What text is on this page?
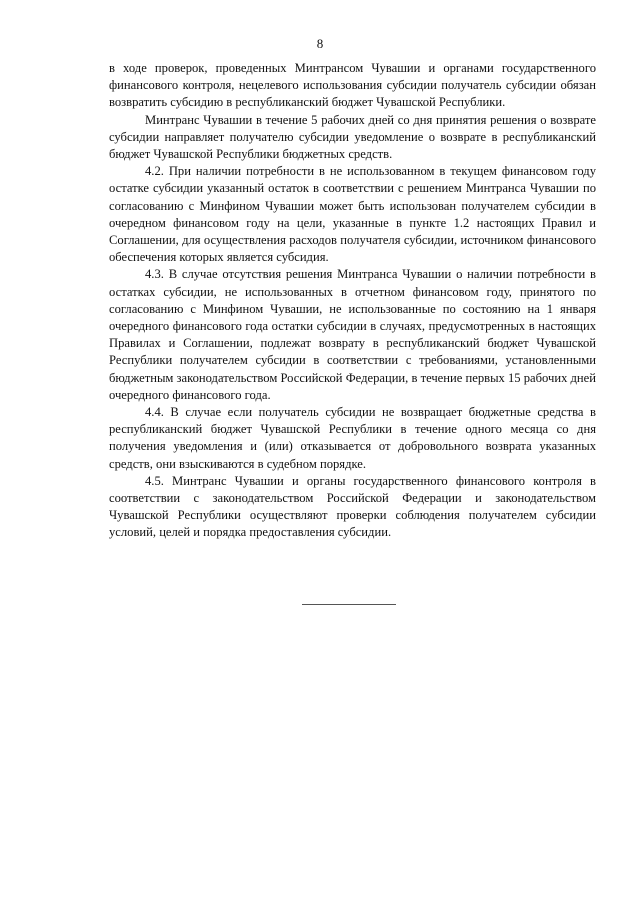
8

в ходе проверок, проведенных Минтрансом Чувашии и органами государственного финансового контроля, нецелевого использования субсидии получатель субсидии обязан возвратить субсидию в республиканский бюджет Чувашской Республики.

Минтранс Чувашии в течение 5 рабочих дней со дня принятия решения о возврате субсидии направляет получателю субсидии уведомление о возврате в республиканский бюджет Чувашской Республики бюджетных средств.

4.2. При наличии потребности в не использованном в текущем финансовом году остатке субсидии указанный остаток в соответствии с решением Минтранса Чувашии по согласованию с Минфином Чувашии может быть использован получателем субсидии в очередном финансовом году на цели, указанные в пункте 1.2 настоящих Правил и Соглашении, для осуществления расходов получателя субсидии, источником финансового обеспечения которых является субсидия.

4.3. В случае отсутствия решения Минтранса Чувашии о наличии потребности в остатках субсидии, не использованных в отчетном финансовом году, принятого по согласованию с Минфином Чувашии, не использованные по состоянию на 1 января очередного финансового года остатки субсидии в случаях, предусмотренных в настоящих Правилах и Соглашении, подлежат возврату в республиканский бюджет Чувашской Республики получателем субсидии в соответствии с требованиями, установленными бюджетным законодательством Российской Федерации, в течение первых 15 рабочих дней очередного финансового года.

4.4. В случае если получатель субсидии не возвращает бюджетные средства в республиканский бюджет Чувашской Республики в течение одного месяца со дня получения уведомления и (или) отказывается от добровольного возврата указанных средств, они взыскиваются в судебном порядке.

4.5. Минтранс Чувашии и органы государственного финансового контроля в соответствии с законодательством Российской Федерации и законодательством Чувашской Республики осуществляют проверки соблюдения получателем субсидии условий, целей и порядка предоставления субсидии.
